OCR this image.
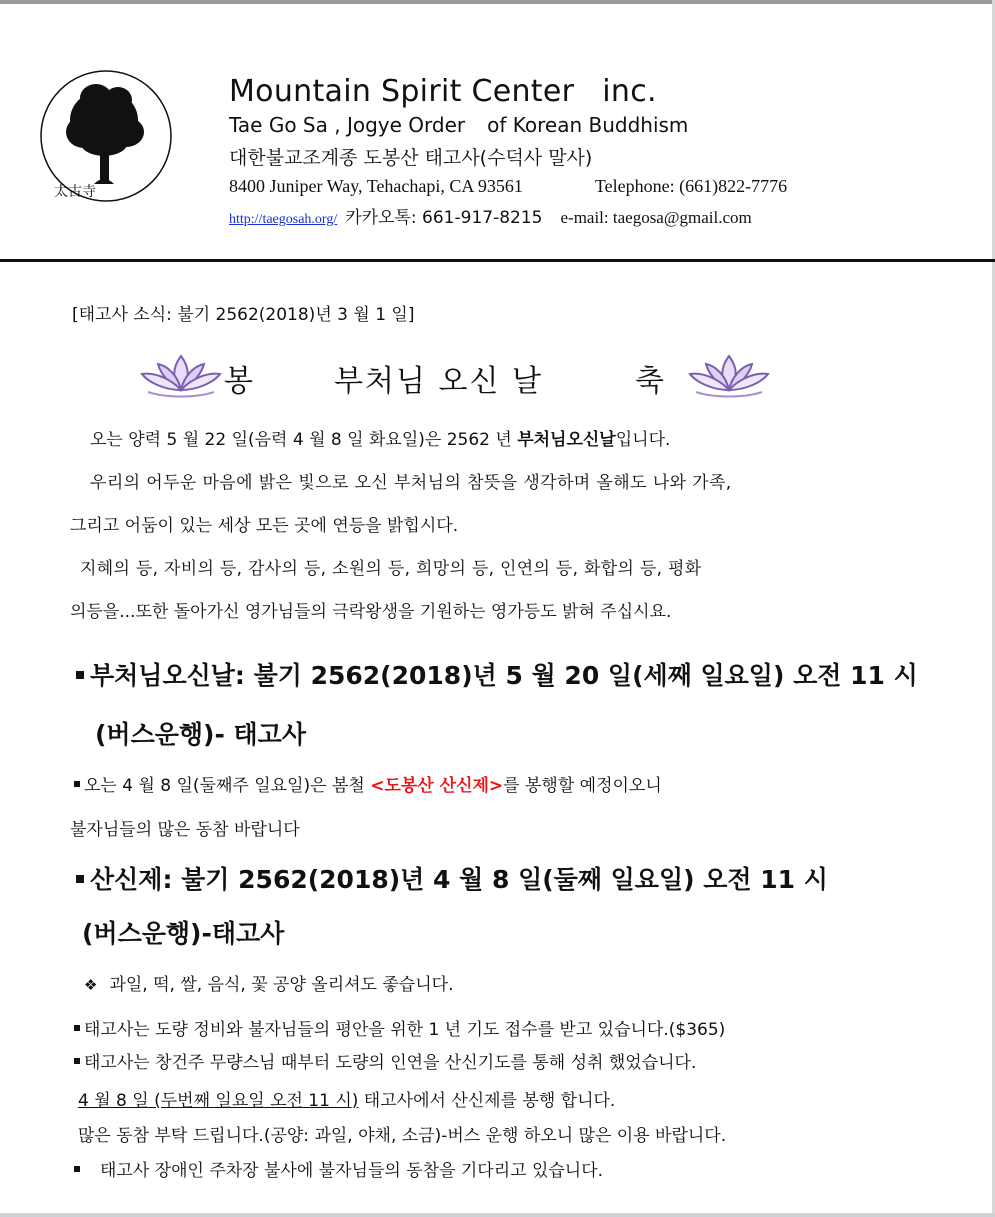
太古寺
Mountain Spirit Center inc.
Tae Go Sa , Jogye Order of Korean Buddhism
대한불교조계종 도봉산 태고사(수덕사 말사)
8400 Juniper Way, Tehachapi, CA 93561	Telephone: (661)822-7776
http://taegosah.org/ 카카오톡: 661-917-8215 e-mail: taegosa@gmail.com
[태고사 소식: 불기 2562(2018)년 3 월 1 일]
봉	부처님 오신 날	축
오는 양력 5 월 22 일(음력 4 월 8 일 화요일)은 2562 년 부처님오신날입니다.
우리의 어두운 마음에 밝은 빛으로 오신 부처님의 참뜻을 생각하며 올해도 나와 가족,
그리고 어둠이 있는 세상 모든 곳에 연등을 밝힙시다.
지혜의 등, 자비의 등, 감사의 등, 소원의 등, 희망의 등, 인연의 등, 화합의 등, 평화
의등을...또한 돌아가신 영가님들의 극락왕생을 기원하는 영가등도 밝혀 주십시요.
부처님오신날: 불기 2562(2018)년 5 월 20 일(세째 일요일) 오전 11 시
(버스운행)- 태고사
오는 4 월 8 일(둘째주 일요일)은 봄철 <도봉산 산신제>를 봉행할 예정이오니
불자님들의 많은 동참 바랍니다
산신제: 불기 2562(2018)년 4 월 8 일(둘째 일요일) 오전 11 시
(버스운행)-태고사
❖ 과일, 떡, 쌀, 음식, 꽃 공양 올리셔도 좋습니다.
태고사는 도량 정비와 불자님들의 평안을 위한 1 년 기도 접수를 받고 있습니다.($365)
태고사는 창건주 무량스님 때부터 도량의 인연을 산신기도를 통해 성취 했었습니다.
4 월 8 일 (두번째 일요일 오전 11 시) 태고사에서 산신제를 봉행 합니다.
많은 동참 부탁 드립니다.(공양: 과일, 야채, 소금)-버스 운행 하오니 많은 이용 바랍니다.
태고사 장애인 주차장 불사에 불자님들의 동참을 기다리고 있습니다.
